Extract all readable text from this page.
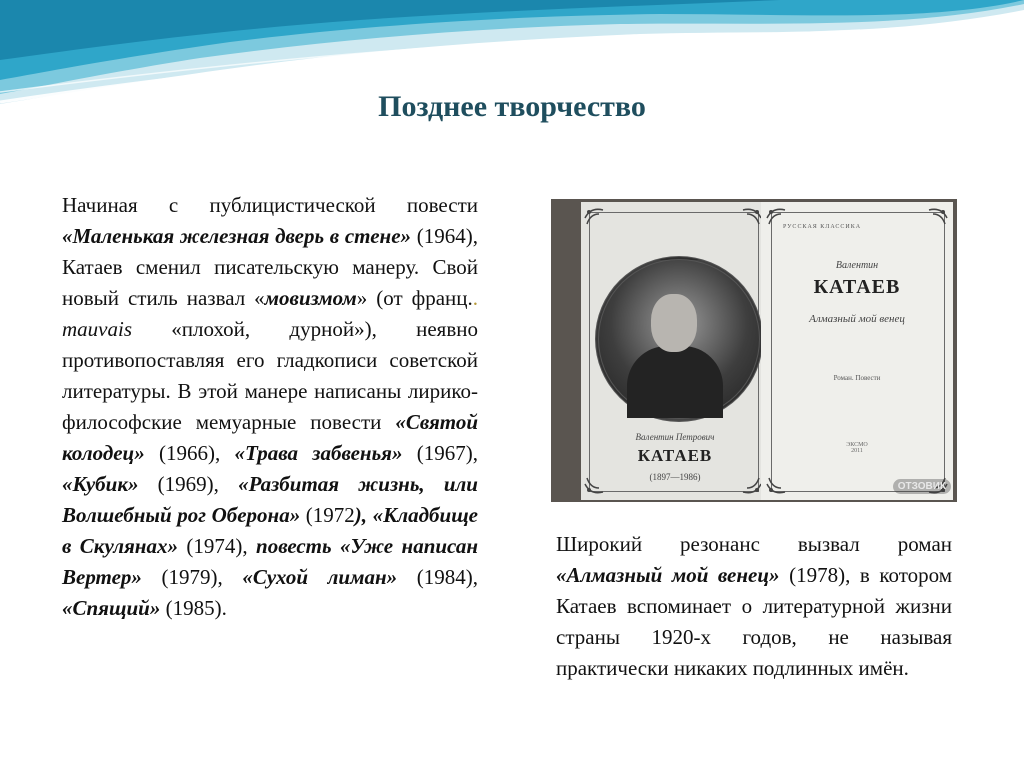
Позднее творчество
Начиная с публицистической повести «Маленькая железная дверь в стене» (1964), Катаев сменил писательскую манеру. Свой новый стиль назвал «мовизмом» (от франц.. mauvais «плохой, дурной»), неявно противопоставляя его гладкописи советской литературы. В этой манере написаны лирико-философские мемуарные повести «Святой колодец» (1966), «Трава забвенья» (1967), «Кубик» (1969), «Разбитая жизнь, или Волшебный рог Оберона» (1972), «Кладбище в Скулянах» (1974), повесть «Уже написан Вертер» (1979), «Сухой лиман» (1984), «Спящий» (1985).
Валентин Петрович
КАТАЕВ
(1897—1986)
РУССКАЯ КЛАССИКА
Валентин
КАТАЕВ
Алмазный мой венец
Роман. Повести
ЭКСМО 2011
ОТЗОВИК
Широкий резонанс вызвал роман «Алмазный мой венец» (1978), в котором Катаев вспоминает о литературной жизни страны 1920-х годов, не называя практически никаких подлинных имён.
